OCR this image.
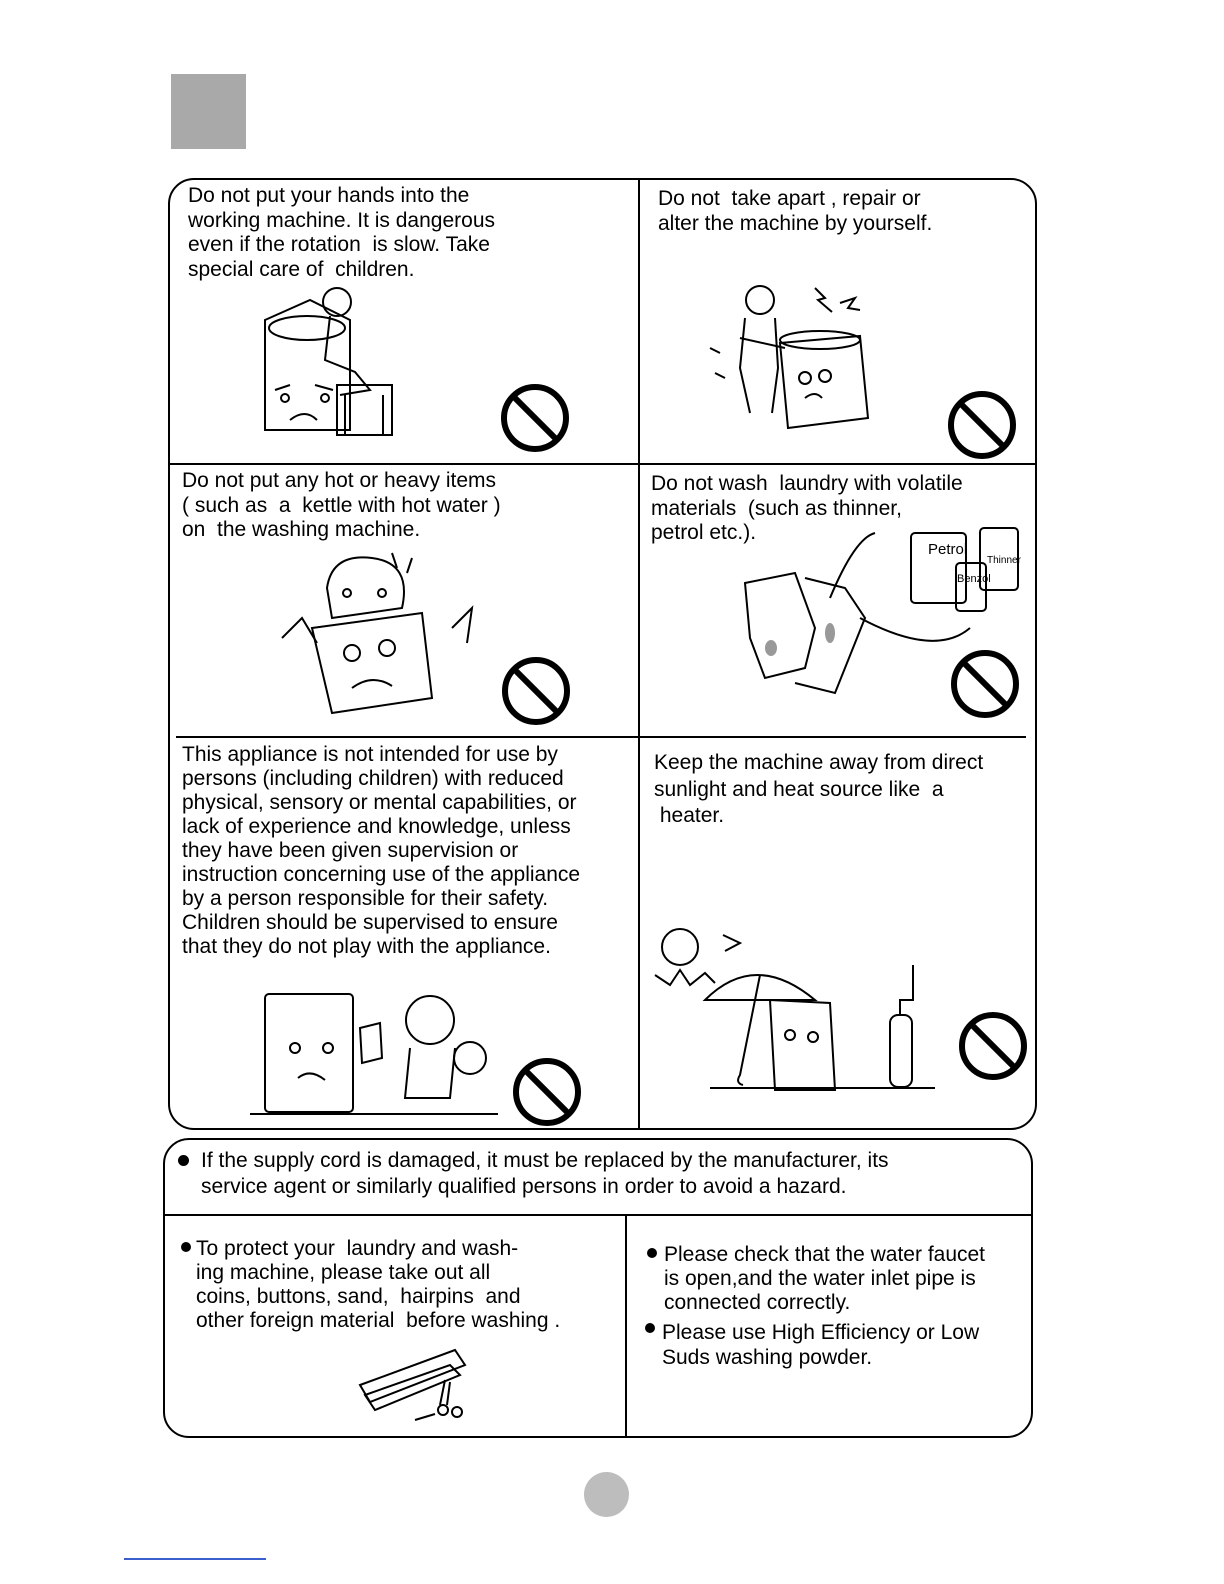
Do not put your hands into the
working machine. It is dangerous
even if the rotation  is slow. Take
special care of  children.
Do not  take apart , repair or
alter the machine by yourself.
Do not put any hot or heavy items
( such as  a  kettle with hot water )
on  the washing machine.
Do not wash  laundry with volatile
materials  (such as thinner,
petrol etc.).
Petrol
Thinner
Benzol
This appliance is not intended for use by
persons (including children) with reduced
physical, sensory or mental capabilities, or
lack of experience and knowledge, unless
they have been given supervision or
instruction concerning use of the appliance
by a person responsible for their safety.
Children should be supervised to ensure
that they do not play with the appliance.
Keep the machine away from direct
sunlight and heat source like  a
heater.
If the supply cord is damaged, it must be replaced by the manufacturer, its
service agent or similarly qualified persons in order to avoid a hazard.
To protect your  laundry and wash-
ing machine, please take out all
coins, buttons, sand,  hairpins  and
other foreign material  before washing .
Please check that the water faucet
is open,and the water inlet pipe is
connected correctly.
Please use High Efficiency or Low
Suds washing powder.
